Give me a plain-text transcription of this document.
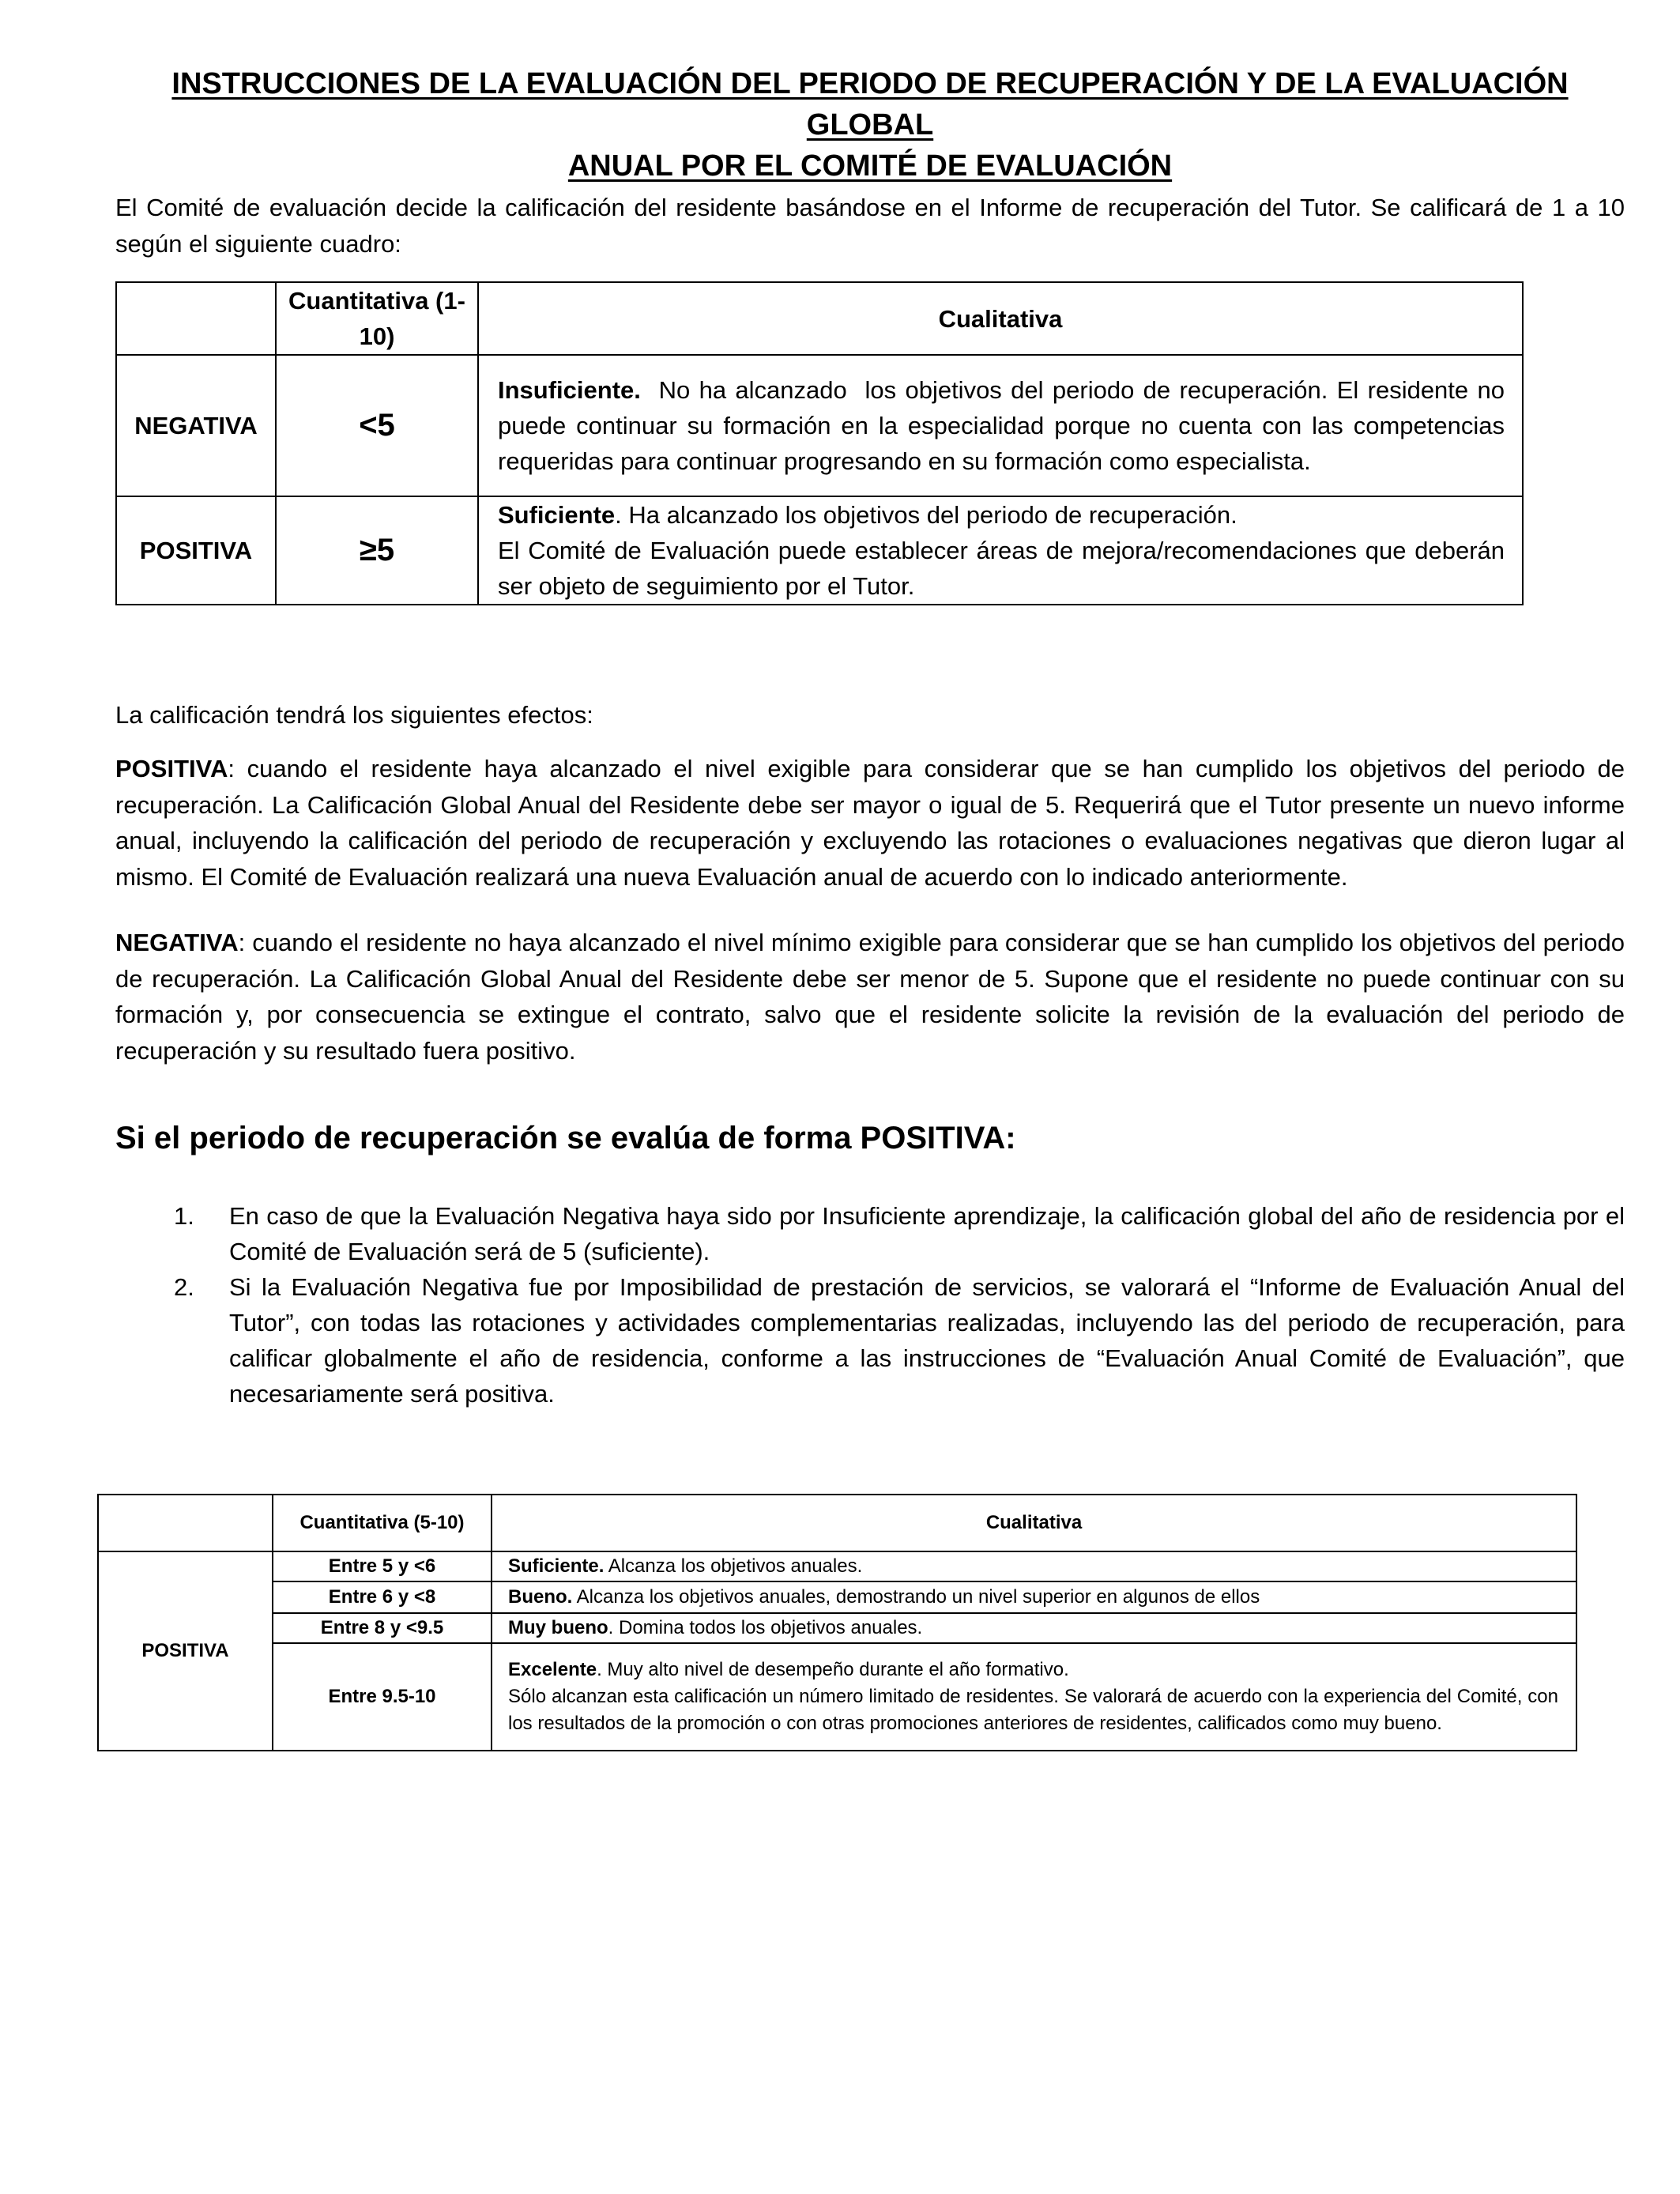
INSTRUCCIONES DE LA EVALUACIÓN DEL PERIODO DE RECUPERACIÓN Y DE LA EVALUACIÓN GLOBAL
ANUAL POR EL COMITÉ DE EVALUACIÓN

El Comité de evaluación decide la calificación del residente basándose en el Informe de recuperación del Tutor. Se calificará de 1 a 10 según el siguiente cuadro:

	Cuantitativa (1-10)	Cualitativa
NEGATIVA	<5	Insuficiente.  No ha alcanzado  los objetivos del periodo de recuperación. El residente no puede continuar su formación en la especialidad porque no cuenta con las competencias requeridas para continuar progresando en su formación como especialista.
POSITIVA	≥5	Suficiente. Ha alcanzado los objetivos del periodo de recuperación.
El Comité de Evaluación puede establecer áreas de mejora/recomendaciones que deberán ser objeto de seguimiento por el Tutor.

La calificación tendrá los siguientes efectos:

POSITIVA: cuando el residente haya alcanzado el nivel exigible para considerar que se han cumplido los objetivos del periodo de recuperación. La Calificación Global Anual del Residente debe ser mayor o igual de 5. Requerirá que el Tutor presente un nuevo informe anual, incluyendo la calificación del periodo de recuperación y excluyendo las rotaciones o evaluaciones negativas que dieron lugar al mismo. El Comité de Evaluación realizará una nueva Evaluación anual de acuerdo con lo indicado anteriormente.

NEGATIVA: cuando el residente no haya alcanzado el nivel mínimo exigible para considerar que se han cumplido los objetivos del periodo de recuperación. La Calificación Global Anual del Residente debe ser menor de 5. Supone que el residente no puede continuar con su formación y, por consecuencia se extingue el contrato, salvo que el residente solicite la revisión de la evaluación del periodo de recuperación y su resultado fuera positivo.

Si el periodo de recuperación se evalúa de forma POSITIVA:
1. En caso de que la Evaluación Negativa haya sido por Insuficiente aprendizaje, la calificación global del año de residencia por el Comité de Evaluación será de 5 (suficiente).
2. Si la Evaluación Negativa fue por Imposibilidad de prestación de servicios, se valorará el “Informe de Evaluación Anual del Tutor”, con todas las rotaciones y actividades complementarias realizadas, incluyendo las del periodo de recuperación, para calificar globalmente el año de residencia, conforme a las instrucciones de “Evaluación Anual Comité de Evaluación”, que necesariamente será positiva.
	Cuantitativa (5-10)	Cualitativa
POSITIVA	Entre 5 y <6	Suficiente. Alcanza los objetivos anuales.
	Entre 6 y <8	Bueno. Alcanza los objetivos anuales, demostrando un nivel superior en algunos de ellos
	Entre 8 y <9.5	Muy bueno. Domina todos los objetivos anuales.
	Entre 9.5-10	Excelente. Muy alto nivel de desempeño durante el año formativo.
Sólo alcanzan esta calificación un número limitado de residentes. Se valorará de acuerdo con la experiencia del Comité, con los resultados de la promoción o con otras promociones anteriores de residentes, calificados como muy bueno.
